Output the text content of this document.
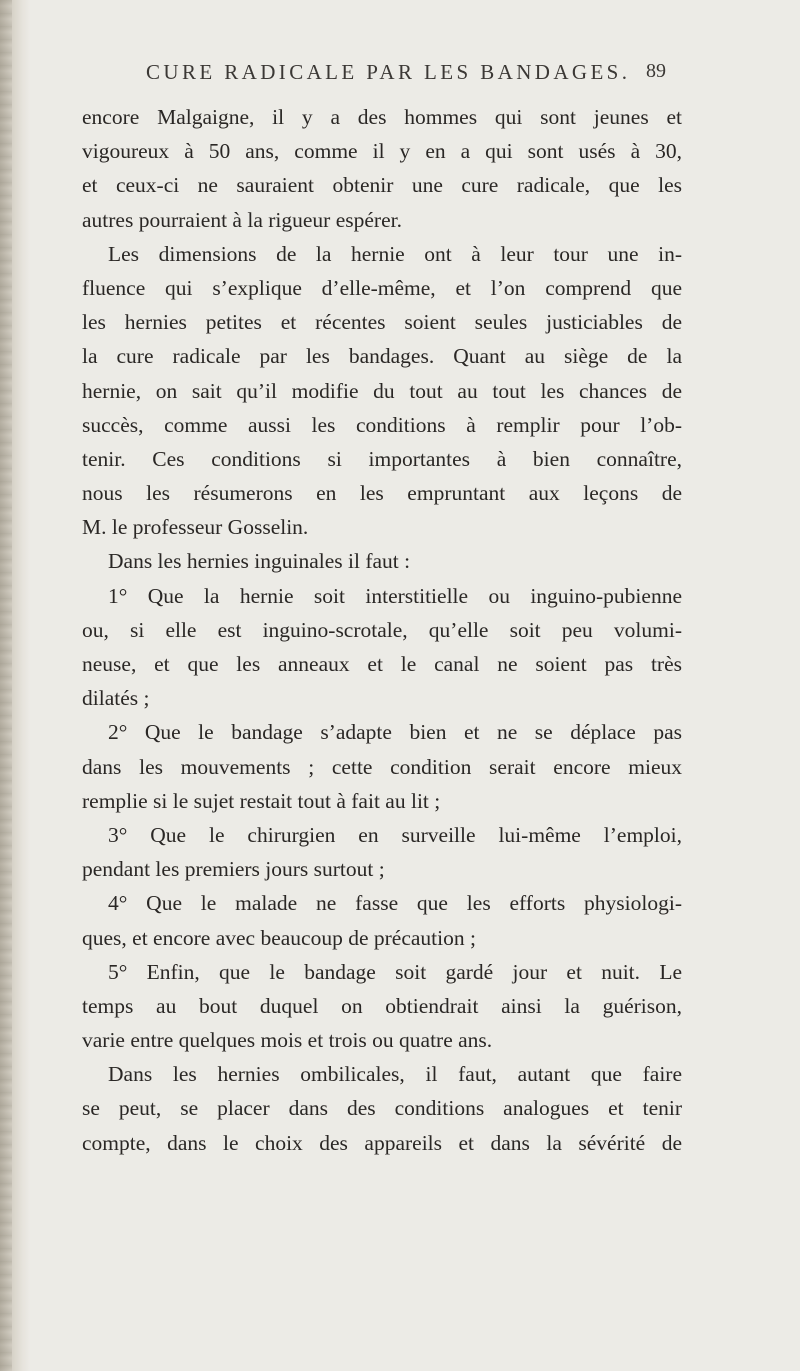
CURE RADICALE PAR LES BANDAGES. 89
encore Malgaigne, il y a des hommes qui sont jeunes et
vigoureux à 50 ans, comme il y en a qui sont usés à 30,
et ceux-ci ne sauraient obtenir une cure radicale, que les
autres pourraient à la rigueur espérer.
Les dimensions de la hernie ont à leur tour une in-
fluence qui s’explique d’elle-même, et l’on comprend que
les hernies petites et récentes soient seules justiciables de
la cure radicale par les bandages. Quant au siège de la
hernie, on sait qu’il modifie du tout au tout les chances de
succès, comme aussi les conditions à remplir pour l’ob-
tenir. Ces conditions si importantes à bien connaître,
nous les résumerons en les empruntant aux leçons de
M. le professeur Gosselin.
Dans les hernies inguinales il faut :
1° Que la hernie soit interstitielle ou inguino-pubienne
ou, si elle est inguino-scrotale, qu’elle soit peu volumi-
neuse, et que les anneaux et le canal ne soient pas très
dilatés ;
2° Que le bandage s’adapte bien et ne se déplace pas
dans les mouvements ; cette condition serait encore mieux
remplie si le sujet restait tout à fait au lit ;
3° Que le chirurgien en surveille lui-même l’emploi,
pendant les premiers jours surtout ;
4° Que le malade ne fasse que les efforts physiologi-
ques, et encore avec beaucoup de précaution ;
5° Enfin, que le bandage soit gardé jour et nuit. Le
temps au bout duquel on obtiendrait ainsi la guérison,
varie entre quelques mois et trois ou quatre ans.
Dans les hernies ombilicales, il faut, autant que faire
se peut, se placer dans des conditions analogues et tenir
compte, dans le choix des appareils et dans la sévérité de
